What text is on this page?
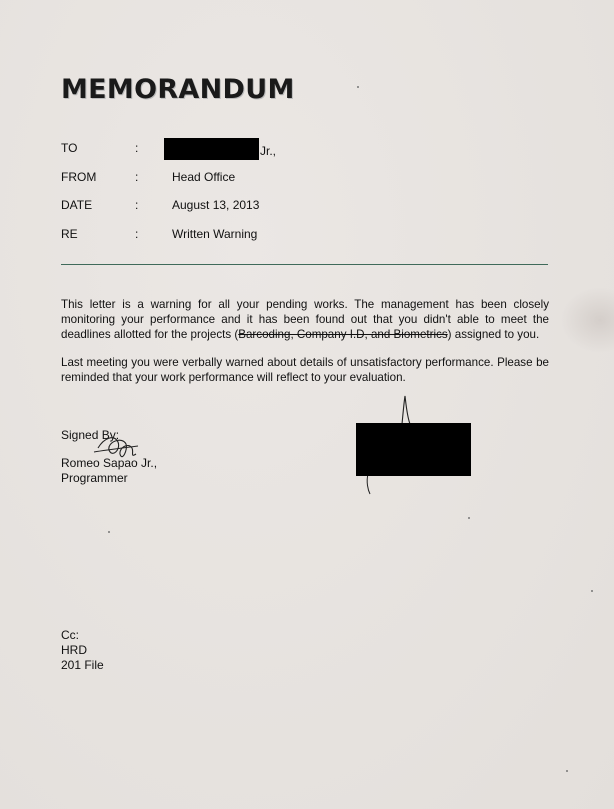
MEMORANDUM
TO	:	Jr.,
FROM	:	Head Office
DATE	:	August 13, 2013
RE	:	Written Warning

This letter is a warning for all your pending works. The management has been closely monitoring your performance and it has been found out that you didn't able to meet the deadlines allotted for the projects (Barcoding, Company I.D, and Biometrics) assigned to you.

Last meeting you were verbally warned about details of unsatisfactory performance. Please be reminded that your work performance will reflect to your evaluation.

Signed By:
Romeo Sapao Jr.,
Programmer
Cc:
HRD
201 File
